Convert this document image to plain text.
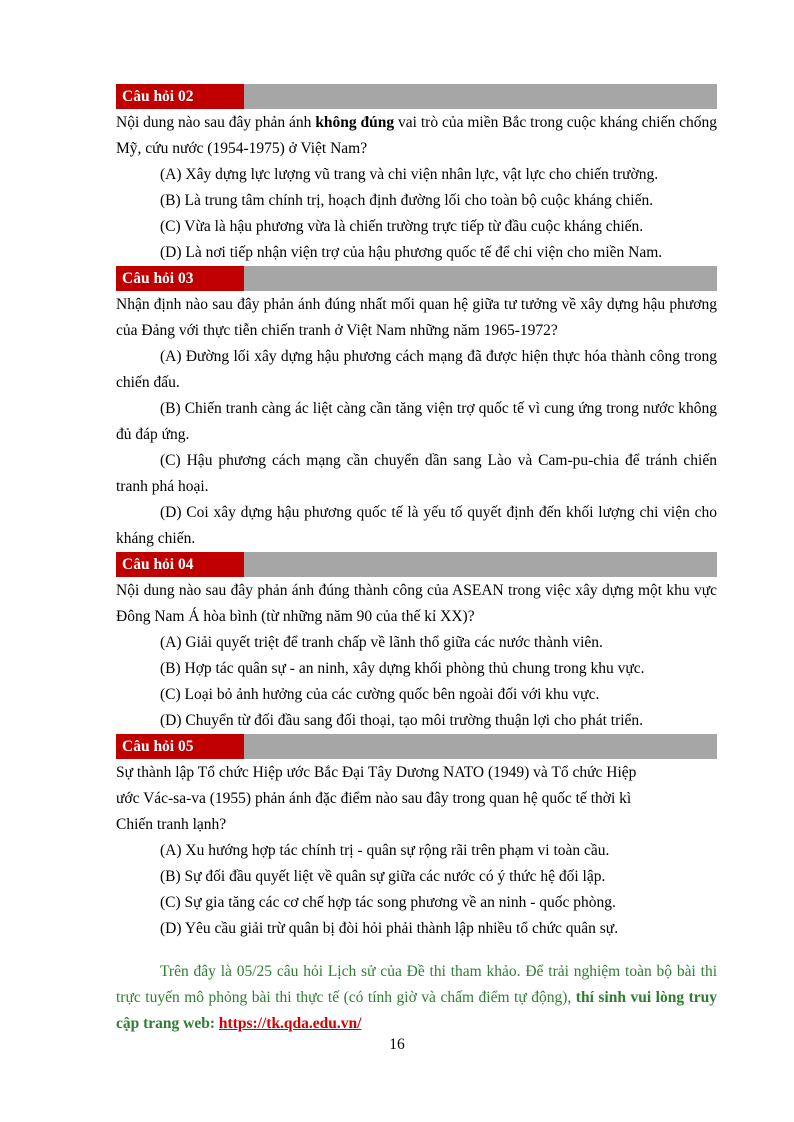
Câu hỏi 02

Nội dung nào sau đây phản ánh không đúng vai trò của miền Bắc trong cuộc kháng chiến chống Mỹ, cứu nước (1954-1975) ở Việt Nam?

(A) Xây dựng lực lượng vũ trang và chi viện nhân lực, vật lực cho chiến trường.

(B) Là trung tâm chính trị, hoạch định đường lối cho toàn bộ cuộc kháng chiến.

(C) Vừa là hậu phương vừa là chiến trường trực tiếp từ đầu cuộc kháng chiến.

(D) Là nơi tiếp nhận viện trợ của hậu phương quốc tế để chi viện cho miền Nam.

Câu hỏi 03

Nhận định nào sau đây phản ánh đúng nhất mối quan hệ giữa tư tưởng về xây dựng hậu phương của Đảng với thực tiễn chiến tranh ở Việt Nam những năm 1965-1972?

(A) Đường lối xây dựng hậu phương cách mạng đã được hiện thực hóa thành công trong chiến đấu.

(B) Chiến tranh càng ác liệt càng cần tăng viện trợ quốc tế vì cung ứng trong nước không đủ đáp ứng.

(C) Hậu phương cách mạng cần chuyển dần sang Lào và Cam-pu-chia để tránh chiến tranh phá hoại.

(D) Coi xây dựng hậu phương quốc tế là yếu tố quyết định đến khối lượng chi viện cho kháng chiến.

Câu hỏi 04

Nội dung nào sau đây phản ánh đúng thành công của ASEAN trong việc xây dựng một khu vực Đông Nam Á hòa bình (từ những năm 90 của thế kỉ XX)?

(A) Giải quyết triệt để tranh chấp về lãnh thổ giữa các nước thành viên.

(B) Hợp tác quân sự - an ninh, xây dựng khối phòng thủ chung trong khu vực.

(C) Loại bỏ ảnh hưởng của các cường quốc bên ngoài đối với khu vực.

(D) Chuyển từ đối đầu sang đối thoại, tạo môi trường thuận lợi cho phát triển.

Câu hỏi 05

Sự thành lập Tổ chức Hiệp ước Bắc Đại Tây Dương NATO (1949) và Tổ chức Hiệp

ước Vác-sa-va (1955) phản ánh đặc điểm nào sau đây trong quan hệ quốc tế thời kì

Chiến tranh lạnh?

(A) Xu hướng hợp tác chính trị - quân sự rộng rãi trên phạm vi toàn cầu.

(B) Sự đối đầu quyết liệt về quân sự giữa các nước có ý thức hệ đối lập.

(C) Sự gia tăng các cơ chế hợp tác song phương về an ninh - quốc phòng.

(D) Yêu cầu giải trừ quân bị đòi hỏi phải thành lập nhiều tổ chức quân sự.

Trên đây là 05/25 câu hỏi Lịch sử của Đề thi tham khảo. Để trải nghiệm toàn bộ bài thi trực tuyến mô phỏng bài thi thực tế (có tính giờ và chấm điểm tự động), thí sinh vui lòng truy cập trang web: https://tk.qda.edu.vn/

16
